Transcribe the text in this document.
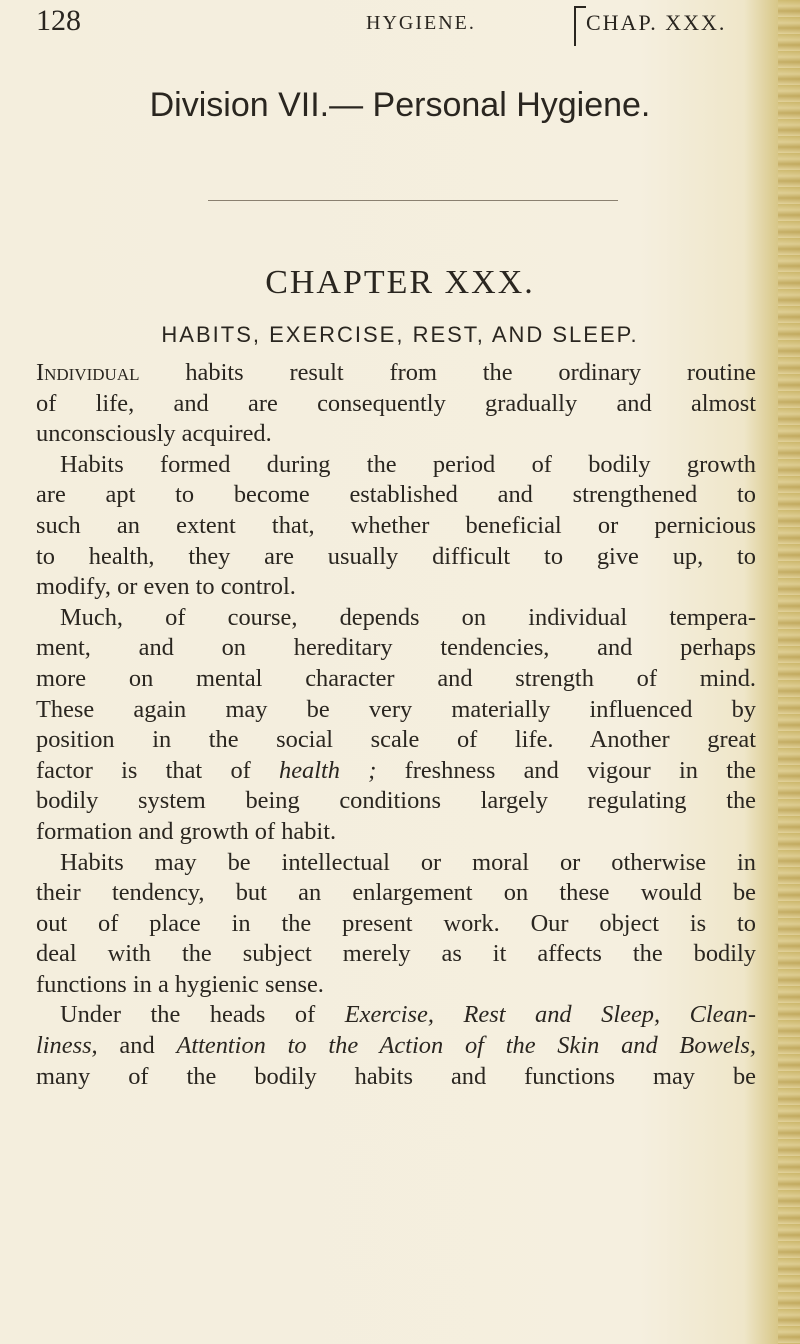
128	HYGIENE.	CHAP. XXX.
Division VII.— Personal Hygiene.
CHAPTER XXX.
HABITS, EXERCISE, REST, AND SLEEP.
Individual habits result from the ordinary routine
of life, and are consequently gradually and almost
unconsciously acquired.
Habits formed during the period of bodily growth
are apt to become established and strengthened to
such an extent that, whether beneficial or pernicious
to health, they are usually difficult to give up, to
modify, or even to control.
Much, of course, depends on individual tempera-
ment, and on hereditary tendencies, and perhaps
more on mental character and strength of mind.
These again may be very materially influenced by
position in the social scale of life. Another great
factor is that of health ; freshness and vigour in the
bodily system being conditions largely regulating the
formation and growth of habit.
Habits may be intellectual or moral or otherwise in
their tendency, but an enlargement on these would be
out of place in the present work. Our object is to
deal with the subject merely as it affects the bodily
functions in a hygienic sense.
Under the heads of Exercise, Rest and Sleep, Clean-
liness, and Attention to the Action of the Skin and Bowels,
many of the bodily habits and functions may be
